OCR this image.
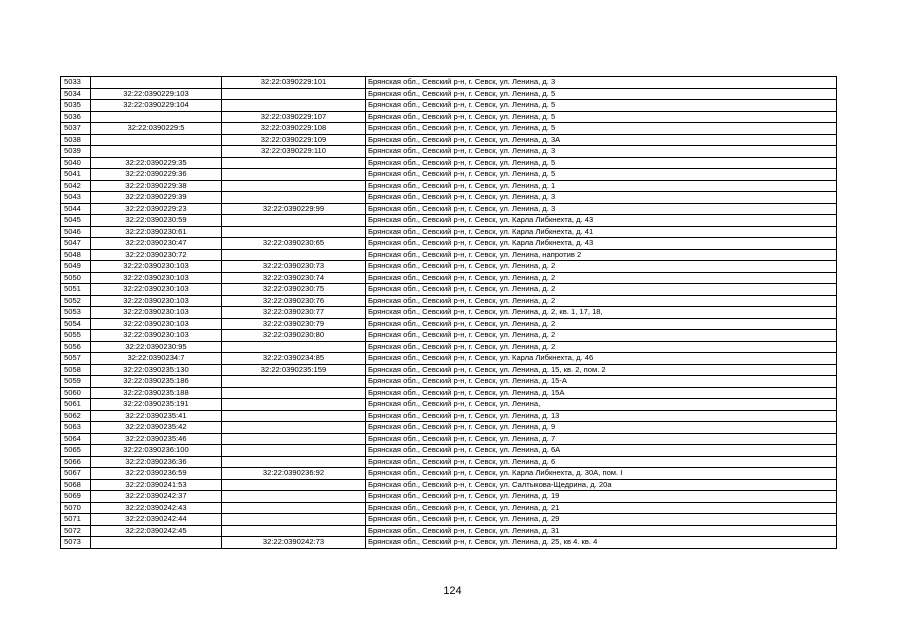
5033		32:22:0390229:101	Брянская обл., Севский р-н, г. Севск, ул. Ленина, д. 3
5034	32:22:0390229:103		Брянская обл., Севский р-н, г. Севск, ул. Ленина, д. 5
5035	32:22:0390229:104		Брянская обл., Севский р-н, г. Севск, ул. Ленина, д. 5
5036		32:22:0390229:107	Брянская обл., Севский р-н, г. Севск, ул. Ленина, д. 5
5037	32:22:0390229:5	32:22:0390229:108	Брянская обл., Севский р-н, г. Севск, ул. Ленина, д. 5
5038		32:22:0390229:109	Брянская обл., Севский р-н, г. Севск, ул. Ленина, д. 3А
5039		32:22:0390229:110	Брянская обл., Севский р-н, г. Севск, ул. Ленина, д. 3
5040	32:22:0390229:35		Брянская обл., Севский р-н, г. Севск, ул. Ленина, д. 5
5041	32:22:0390229:36		Брянская обл., Севский р-н, г. Севск, ул. Ленина, д. 5
5042	32:22:0390229:38		Брянская обл., Севский р-н, г. Севск, ул. Ленина, д. 1
5043	32:22:0390229:39		Брянская обл., Севский р-н, г. Севск, ул. Ленина, д. 3
5044	32:22:0390229:23	32:22:0390229:99	Брянская обл., Севский р-н, г. Севск, ул. Ленина, д. 3
5045	32:22:0390230:59		Брянская обл., Севский р-н, г. Севск, ул. Карла Либкнехта, д. 43
5046	32:22:0390230:61		Брянская обл., Севский р-н, г. Севск, ул. Карла Либкнехта, д. 41
5047	32:22:0390230:47	32:22:0390230:65	Брянская обл., Севский р-н, г. Севск, ул. Карла Либкнехта, д. 43
5048	32:22:0390230:72		Брянская обл., Севский р-н, г. Севск, ул. Ленина, напротив 2
5049	32:22:0390230:103	32:22:0390230:73	Брянская обл., Севский р-н, г. Севск, ул. Ленина, д. 2
5050	32:22:0390230:103	32:22:0390230:74	Брянская обл., Севский р-н, г. Севск, ул. Ленина, д. 2
5051	32:22:0390230:103	32:22:0390230:75	Брянская обл., Севский р-н, г. Севск, ул. Ленина, д. 2
5052	32:22:0390230:103	32:22:0390230:76	Брянская обл., Севский р-н, г. Севск, ул. Ленина, д. 2
5053	32:22:0390230:103	32:22:0390230:77	Брянская обл., Севский р-н, г. Севск, ул. Ленина, д. 2, кв. 1, 17, 18,
5054	32:22:0390230:103	32:22:0390230:79	Брянская обл., Севский р-н, г. Севск, ул. Ленина, д. 2
5055	32:22:0390230:103	32:22:0390230:80	Брянская обл., Севский р-н, г. Севск, ул. Ленина, д. 2
5056	32:22:0390230:95		Брянская обл., Севский р-н, г. Севск, ул. Ленина, д. 2
5057	32:22:0390234:7	32:22:0390234:85	Брянская обл., Севский р-н, г. Севск, ул. Карла Либкнехта, д. 46
5058	32:22:0390235:130	32:22:0390235:159	Брянская обл., Севский р-н, г. Севск, ул. Ленина, д. 15, кв. 2, пом. 2
5059	32:22:0390235:186		Брянская обл., Севский р-н, г. Севск, ул. Ленина, д. 15-А
5060	32:22:0390235:188		Брянская обл., Севский р-н, г. Севск, ул. Ленина, д. 15А
5061	32:22:0390235:191		Брянская обл., Севский р-н, г. Севск, ул. Ленина,
5062	32:22:0390235:41		Брянская обл., Севский р-н, г. Севск, ул. Ленина, д. 13
5063	32:22:0390235:42		Брянская обл., Севский р-н, г. Севск, ул. Ленина, д. 9
5064	32:22:0390235:46		Брянская обл., Севский р-н, г. Севск, ул. Ленина, д. 7
5065	32:22:0390236:100		Брянская обл., Севский р-н, г. Севск, ул. Ленина, д. 6А
5066	32:22:0390236:36		Брянская обл., Севский р-н, г. Севск, ул. Ленина, д. 6
5067	32:22:0390236:59	32:22:0390236:92	Брянская обл., Севский р-н, г. Севск, ул. Карла Либкнехта, д. 30А, пом. I
5068	32:22:0390241:53		Брянская обл., Севский р-н, г. Севск, ул. Салтыкова-Щедрина, д. 20а
5069	32:22:0390242:37		Брянская обл., Севский р-н, г. Севск, ул. Ленина, д. 19
5070	32:22:0390242:43		Брянская обл., Севский р-н, г. Севск, ул. Ленина, д. 21
5071	32:22:0390242:44		Брянская обл., Севский р-н, г. Севск, ул. Ленина, д. 29
5072	32:22:0390242:45		Брянская обл., Севский р-н, г. Севск, ул. Ленина, д. 31
5073		32:22:0390242:73	Брянская обл., Севский р-н, г. Севск, ул. Ленина, д. 25, кв 4. кв. 4
124
